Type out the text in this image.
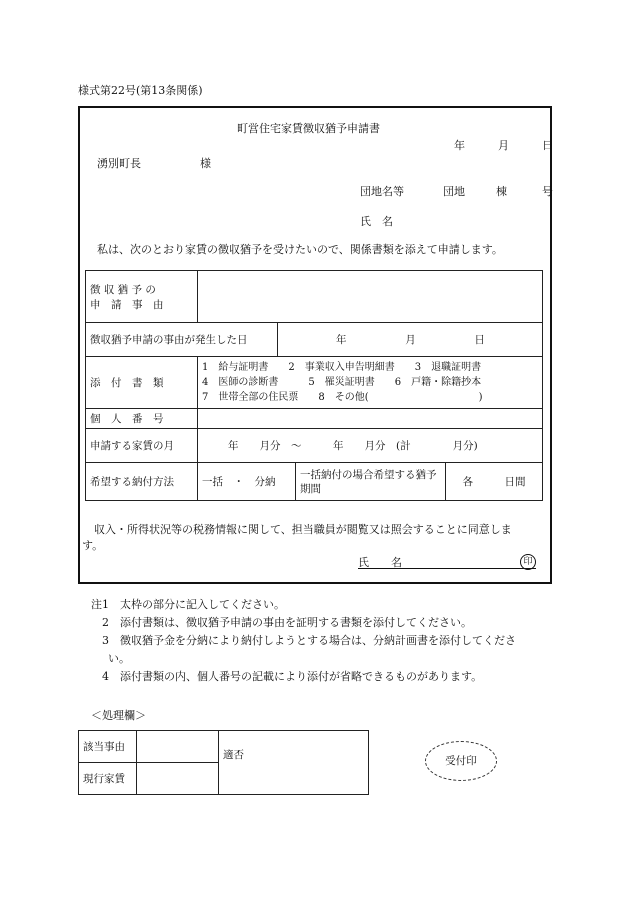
様式第22号(第13条関係)
町営住宅家賃徴収猶予申請書
年	月	日
湧別町長	様
団地名等	団地	棟	号
氏　名
私は、次のとおり家賃の徴収猶予を受けたいので、関係書類を添えて申請します。
徴 収 猶 予 の
申　請　事　由				

徴収猶予申請の事由が発生した日		年 月 日		
添　付　書　類	1　給与証明書　　2　事業収入申告明細書　　3　退職証明書
4　医師の診断書　　　5　罹災証明書　　6　戸籍・除籍抄本
7　世帯全部の住民票　　8　その他(　　　　　　　　　　　)			

個　人　番　号				
申請する家賃の月	年　　月分　〜　　　年　　月分　(計　　　　月分)			
希望する納付方法	一括　・　分納		一括納付の場合希望する猶予期間	各　　　日間
収入・所得状況等の税務情報に関して、担当職員が閲覧又は照会することに同意しま
す。
氏　　名	印
注1　太枠の部分に記入してください。
2　添付書類は、徴収猶予申請の事由を証明する書類を添付してください。
3　徴収猶予金を分納により納付しようとする場合は、分納計画書を添付してくださ
い。
4　添付書類の内、個人番号の記載により添付が省略できるものがあります。
＜処理欄＞
該当事由		適否
現行家賃		
受付印
